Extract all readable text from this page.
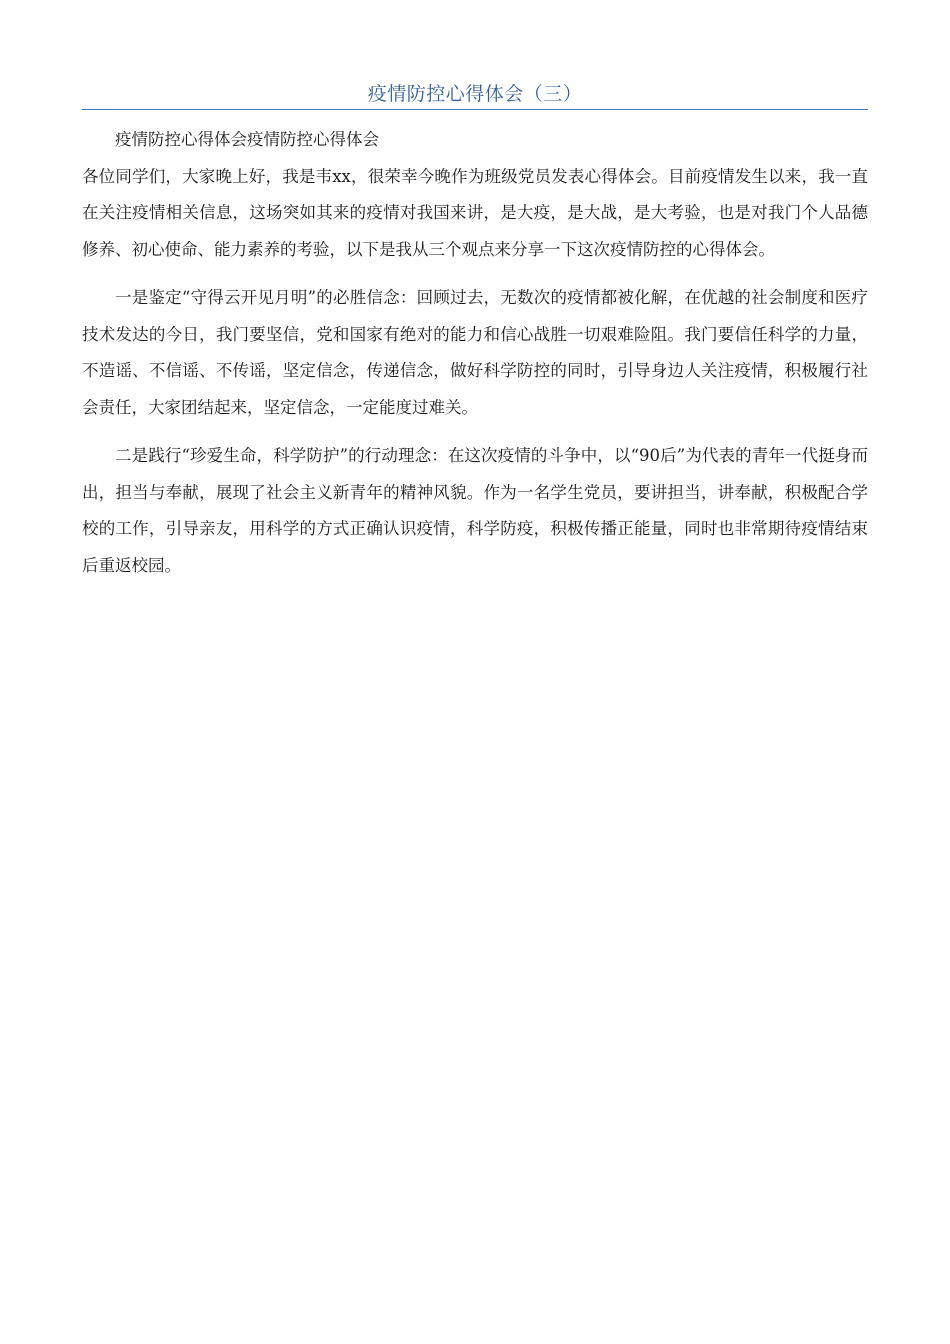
疫情防控心得体会（三）

疫情防控心得体会疫情防控心得体会

各位同学们，大家晚上好，我是韦xx，很荣幸今晚作为班级党员发表心得体会。目前疫情发生以来，我一直在关注疫情相关信息，这场突如其来的疫情对我国来讲，是大疫，是大战，是大考验，也是对我门个人品德修养、初心使命、能力素养的考验，以下是我从三个观点来分享一下这次疫情防控的心得体会。

一是鉴定“守得云开见月明”的必胜信念：回顾过去，无数次的疫情都被化解，在优越的社会制度和医疗技术发达的今日，我门要坚信，党和国家有绝对的能力和信心战胜一切艰难险阻。我门要信任科学的力量，不造谣、不信谣、不传谣，坚定信念，传递信念，做好科学防控的同时，引导身边人关注疫情，积极履行社会责任，大家团结起来，坚定信念，一定能度过难关。

二是践行“珍爱生命，科学防护”的行动理念：在这次疫情的斗争中，以“90后”为代表的青年一代挺身而出，担当与奉献，展现了社会主义新青年的精神风貌。作为一名学生党员，要讲担当，讲奉献，积极配合学校的工作，引导亲友，用科学的方式正确认识疫情，科学防疫，积极传播正能量，同时也非常期待疫情结束后重返校园。
